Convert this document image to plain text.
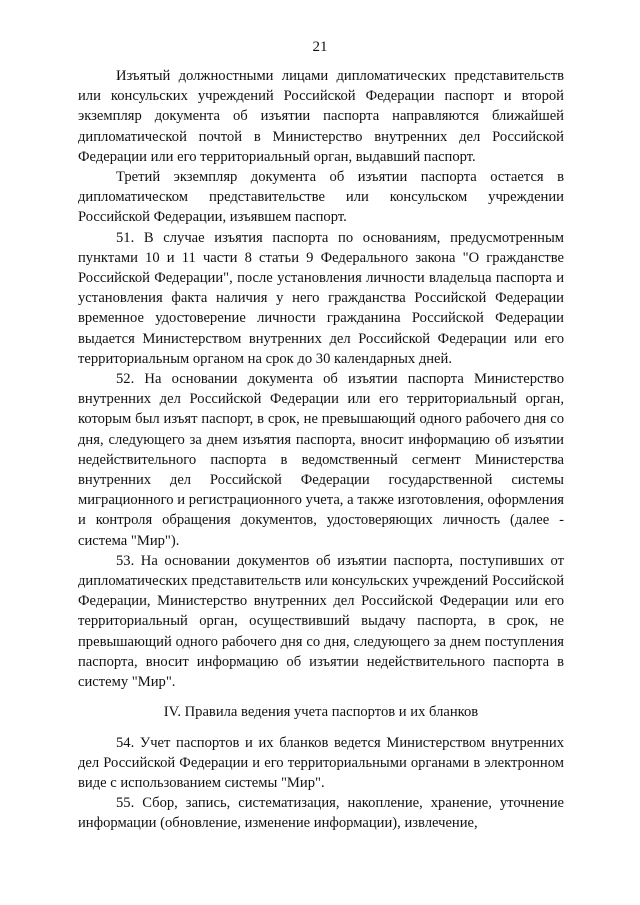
21

Изъятый должностными лицами дипломатических представительств или консульских учреждений Российской Федерации паспорт и второй экземпляр документа об изъятии паспорта направляются ближайшей дипломатической почтой в Министерство внутренних дел Российской Федерации или его территориальный орган, выдавший паспорт.

Третий экземпляр документа об изъятии паспорта остается в дипломатическом представительстве или консульском учреждении Российской Федерации, изъявшем паспорт.

51. В случае изъятия паспорта по основаниям, предусмотренным пунктами 10 и 11 части 8 статьи 9 Федерального закона "О гражданстве Российской Федерации", после установления личности владельца паспорта и установления факта наличия у него гражданства Российской Федерации временное удостоверение личности гражданина Российской Федерации выдается Министерством внутренних дел Российской Федерации или его территориальным органом на срок до 30 календарных дней.

52. На основании документа об изъятии паспорта Министерство внутренних дел Российской Федерации или его территориальный орган, которым был изъят паспорт, в срок, не превышающий одного рабочего дня со дня, следующего за днем изъятия паспорта, вносит информацию об изъятии недействительного паспорта в ведомственный сегмент Министерства внутренних дел Российской Федерации государственной системы миграционного и регистрационного учета, а также изготовления, оформления и контроля обращения документов, удостоверяющих личность (далее - система "Мир").

53. На основании документов об изъятии паспорта, поступивших от дипломатических представительств или консульских учреждений Российской Федерации, Министерство внутренних дел Российской Федерации или его территориальный орган, осуществивший выдачу паспорта, в срок, не превышающий одного рабочего дня со дня, следующего за днем поступления паспорта, вносит информацию об изъятии недействительного паспорта в систему "Мир".

IV. Правила ведения учета паспортов и их бланков

54. Учет паспортов и их бланков ведется Министерством внутренних дел Российской Федерации и его территориальными органами в электронном виде с использованием системы "Мир".

55. Сбор, запись, систематизация, накопление, хранение, уточнение информации (обновление, изменение информации), извлечение,
